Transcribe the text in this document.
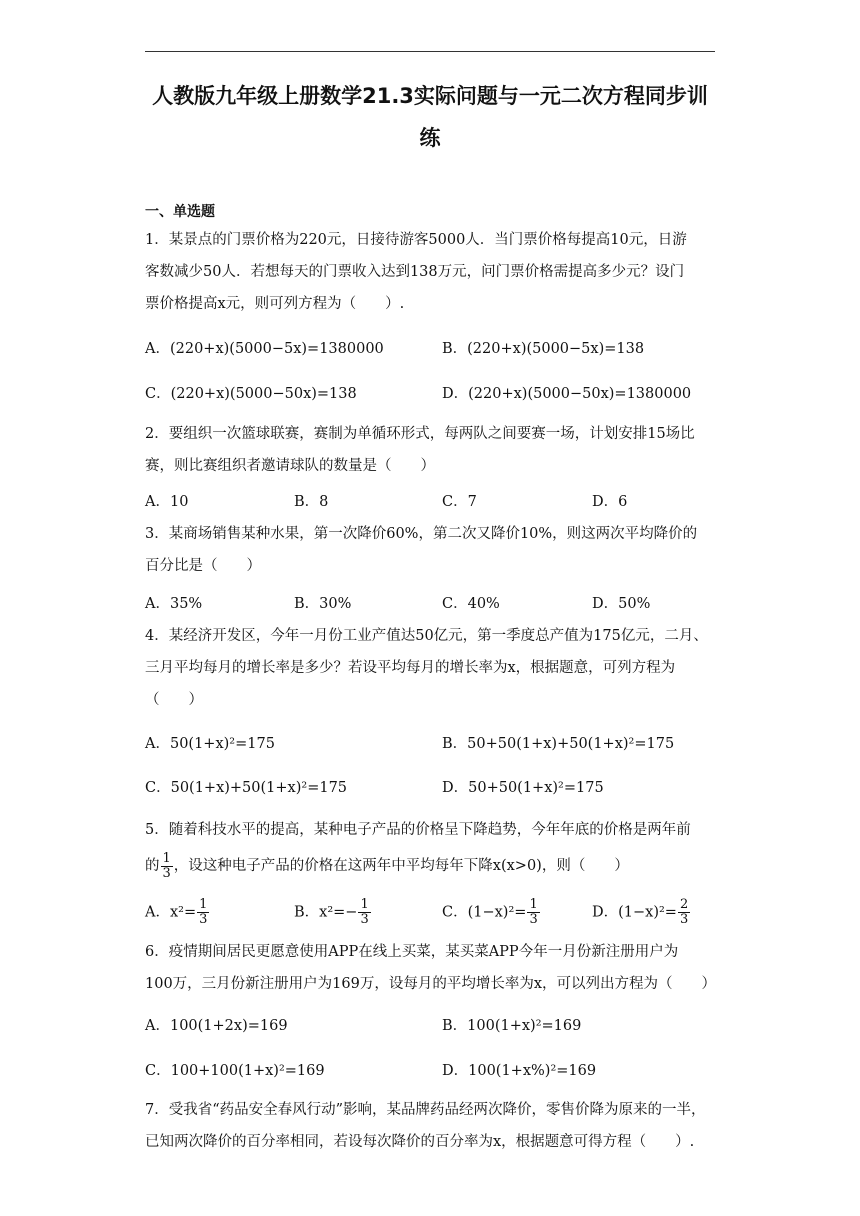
人教版九年级上册数学21.3实际问题与一元二次方程同步训
练
一、单选题
1．某景点的门票价格为220元，日接待游客5000人．当门票价格每提高10元，日游
客数减少50人．若想每天的门票收入达到138万元，问门票价格需提高多少元？设门
票价格提高x元，则可列方程为（　　）.
A．(220+x)(5000−5x)=1380000	B．(220+x)(5000−5x)=138
C．(220+x)(5000−50x)=138	D．(220+x)(5000−50x)=1380000
2．要组织一次篮球联赛，赛制为单循环形式，每两队之间要赛一场，计划安排15场比
赛，则比赛组织者邀请球队的数量是（　　）
A．10	B．8	C．7	D．6
3．某商场销售某种水果，第一次降价60%，第二次又降价10%，则这两次平均降价的
百分比是（　　）
A．35%	B．30%	C．40%	D．50%
4．某经济开发区，今年一月份工业产值达50亿元，第一季度总产值为175亿元，二月、
三月平均每月的增长率是多少？若设平均每月的增长率为x，根据题意，可列方程为
（　　）
A．50(1+x)²=175	B．50+50(1+x)+50(1+x)²=175
C．50(1+x)+50(1+x)²=175	D．50+50(1+x)²=175
5．随着科技水平的提高，某种电子产品的价格呈下降趋势，今年年底的价格是两年前
的 $\frac{1}{3}$ ，设这种电子产品的价格在这两年中平均每年下降x(x>0)，则（　　）
A．$x^2= \frac{1}{3}$	B．$x^2=- \frac{1}{3}$	C．$(1-x)^2= \frac{1}{3}$	D．$(1-x)^2= \frac{2}{3}$
6．疫情期间居民更愿意使用APP在线上买菜，某买菜APP今年一月份新注册用户为
100万，三月份新注册用户为169万，设每月的平均增长率为x，可以列出方程为（　　）
A．100(1+2x)=169	B．100(1+x)²=169
C．100+100(1+x)²=169	D．100(1+x%)²=169
7．受我省“药品安全春风行动”影响，某品牌药品经两次降价，零售价降为原来的一半，
已知两次降价的百分率相同，若设每次降价的百分率为x，根据题意可得方程（　　）.
